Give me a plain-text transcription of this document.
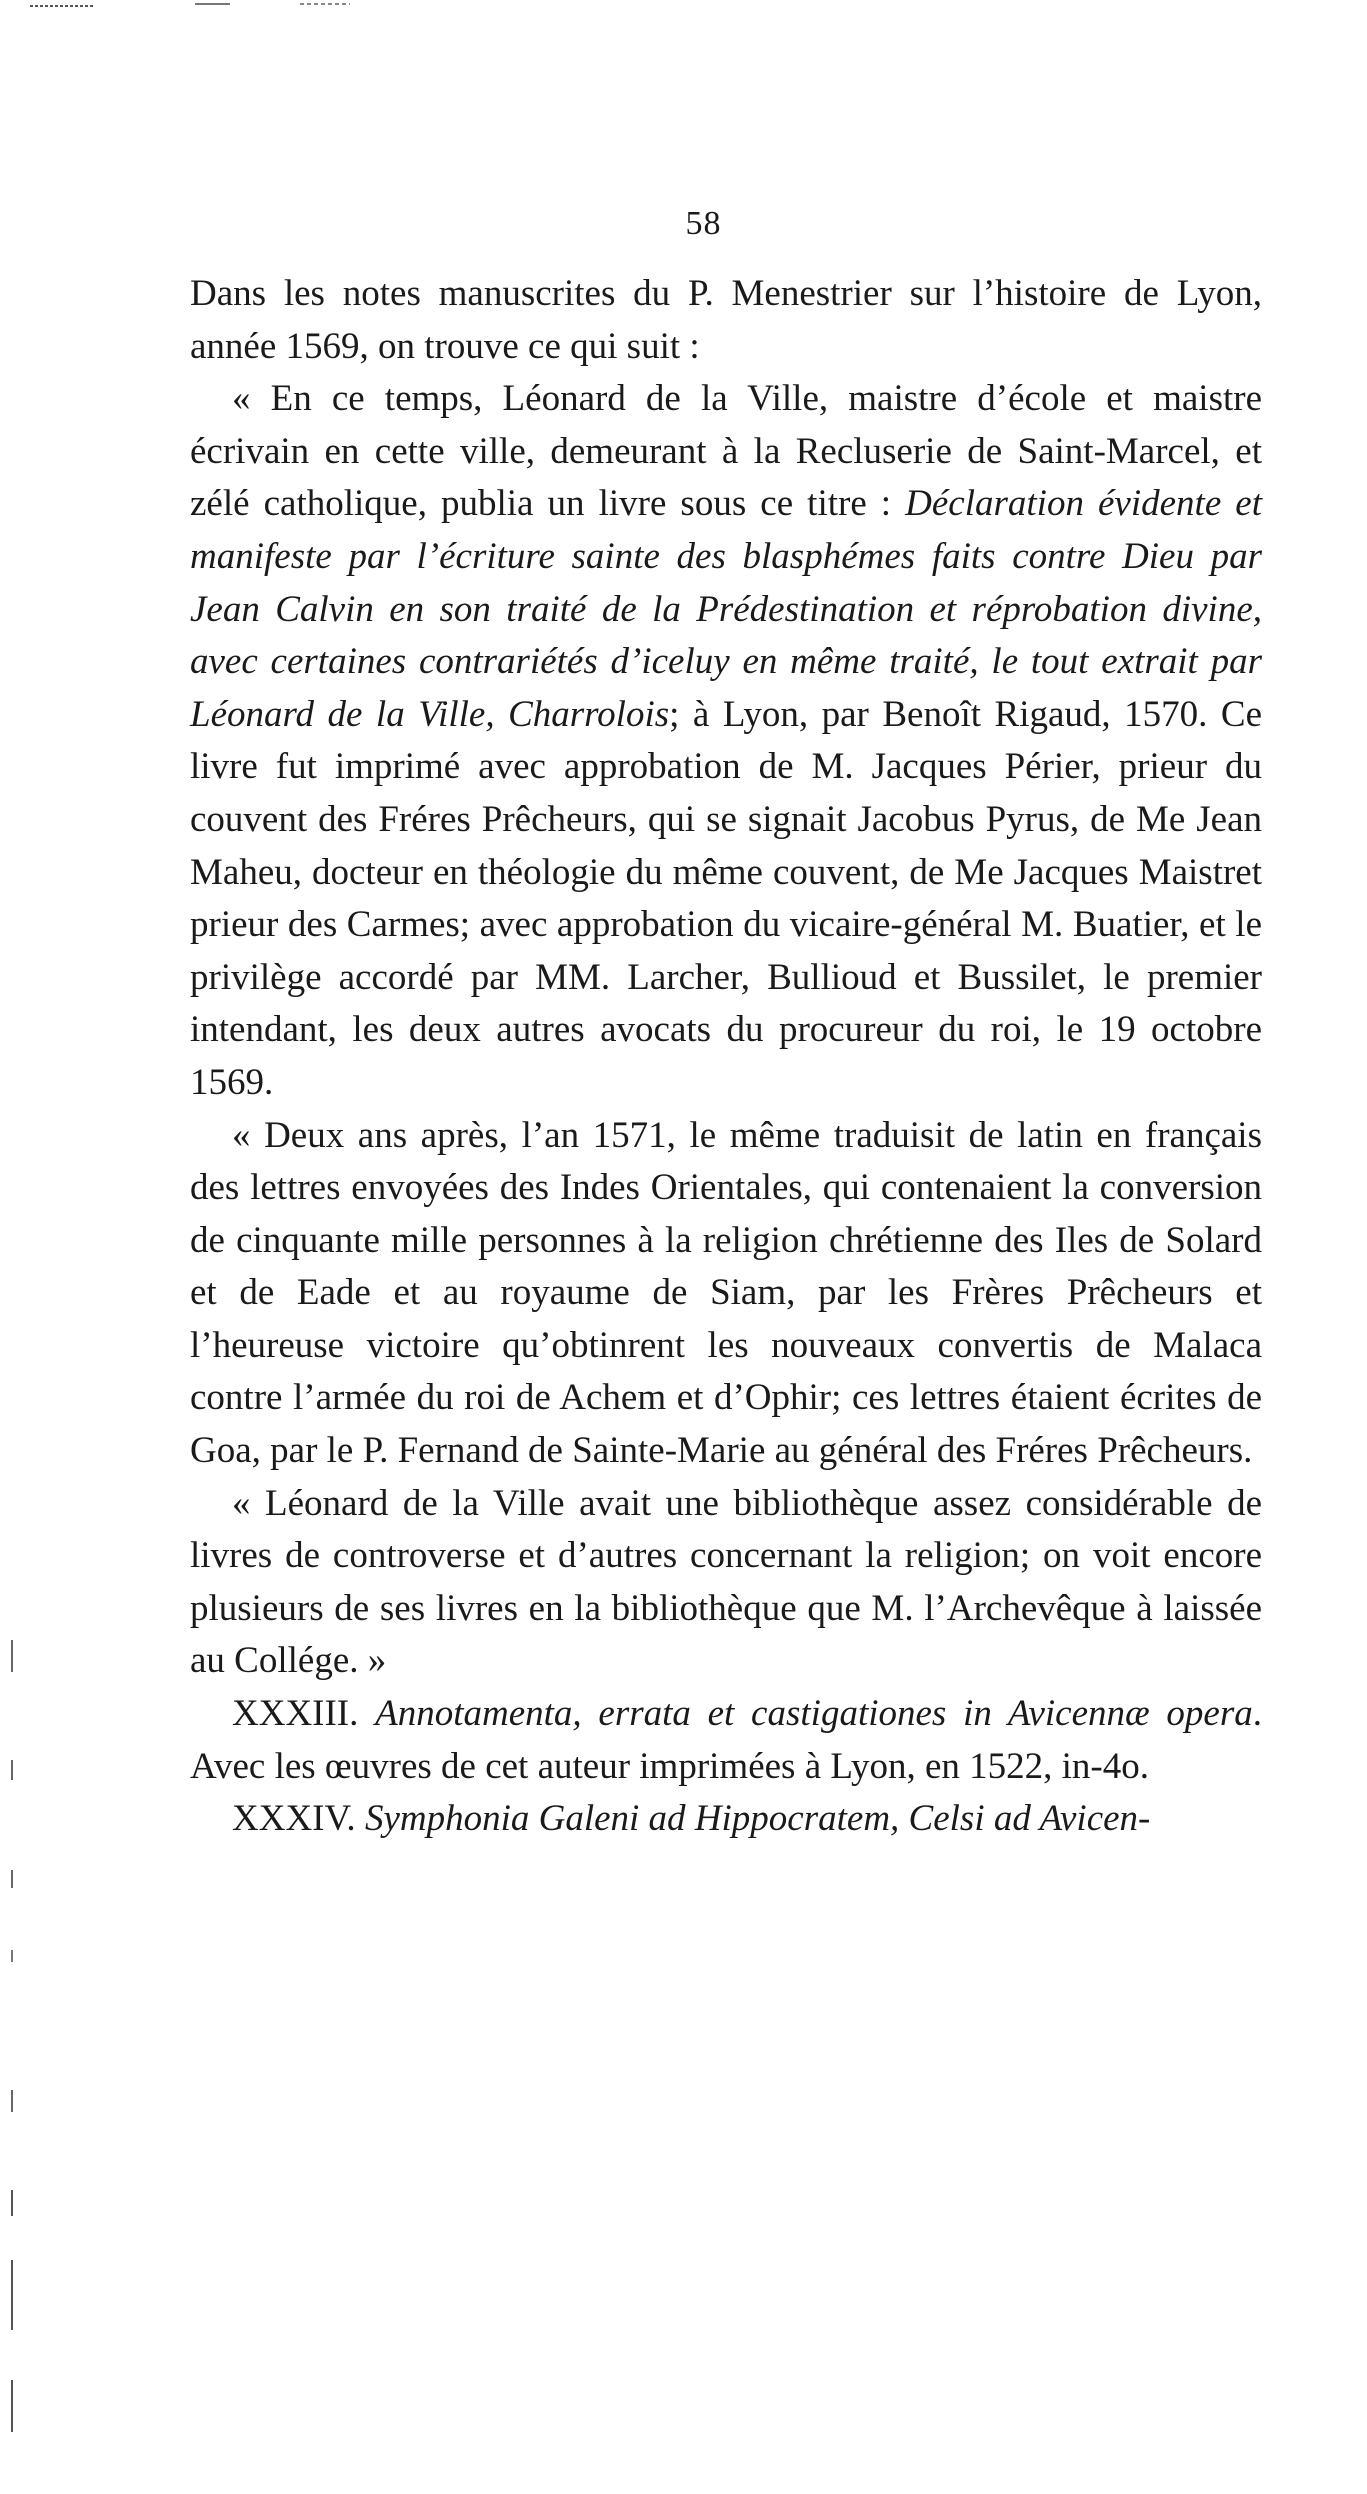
58

Dans les notes manuscrites du P. Menestrier sur l’histoire de Lyon, année 1569, on trouve ce qui suit :

« En ce temps, Léonard de la Ville, maistre d’école et maistre écrivain en cette ville, demeurant à la Recluserie de Saint-Marcel, et zélé catholique, publia un livre sous ce titre : Déclaration évidente et manifeste par l’écriture sainte des blasphémes faits contre Dieu par Jean Calvin en son traité de la Prédestination et réprobation divine, avec certaines contrariétés d’iceluy en même traité, le tout extrait par Léonard de la Ville, Charrolois; à Lyon, par Benoît Rigaud, 1570. Ce livre fut imprimé avec approbation de M. Jacques Périer, prieur du couvent des Fréres Prêcheurs, qui se signait Jacobus Pyrus, de Me Jean Maheu, docteur en théologie du même couvent, de Me Jacques Maistret prieur des Carmes; avec approbation du vicaire-général M. Buatier, et le privilège accordé par MM. Larcher, Bullioud et Bussilet, le premier intendant, les deux autres avocats du procureur du roi, le 19 octobre 1569.

« Deux ans après, l’an 1571, le même traduisit de latin en français des lettres envoyées des Indes Orientales, qui contenaient la conversion de cinquante mille personnes à la religion chrétienne des Iles de Solard et de Eade et au royaume de Siam, par les Frères Prêcheurs et l’heureuse victoire qu’obtinrent les nouveaux convertis de Malaca contre l’armée du roi de Achem et d’Ophir; ces lettres étaient écrites de Goa, par le P. Fernand de Sainte-Marie au général des Fréres Prêcheurs.

« Léonard de la Ville avait une bibliothèque assez considérable de livres de controverse et d’autres concernant la religion; on voit encore plusieurs de ses livres en la bibliothèque que M. l’Archevêque à laissée au Collége. »

XXXIII. Annotamenta, errata et castigationes in Avicennæ opera. Avec les œuvres de cet auteur imprimées à Lyon, en 1522, in-4o.

XXXIV. Symphonia Galeni ad Hippocratem, Celsi ad Avicen-
